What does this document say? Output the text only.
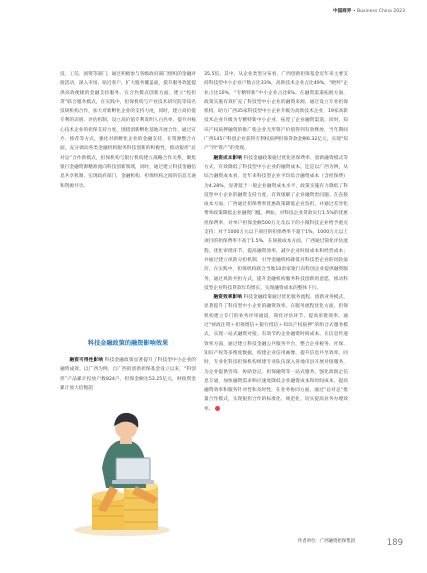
中国商界 • Business China 2023

技、工信、国资等部门，通过积极参与各级政府部门组织的金融对接活动，深入市场，贴近客户，扩大服务覆盖面，提升服务效能提供高效便捷的金融支持服务。在合作模式创新方面，建立“投担贷”联合服务模式，在实践中，担保机构与产业技术研究院等知名技研机构合作，加大对新孵化企业的支持力度，同时，建立高价值专利的识别、评估机制，设立高价值专利发明人白名单，提升对核心技术企业的担保支持力度，围绕创新孵化基地开展合作，通过宣介、推荐等方式，强化对新孵化企业的金融支持，在资源整合方面，充分调动各类金融机构服务科技创新的积极性，推动银担“总对总”合作新模式，担保机构与银行机构建立战略合作关系，聚焦银行金融资源精准流向科技创新领域，同时，通过建立科技金融信息共享机制，实现政府部门、金融机构、担保机构之间的信息互通和资源共享。

科技金融政策的融资影响效果

融资可得性影响 科技金融政策显著提升了科技型中小企业的融资成效。以广西为例，自广西的创新担保基金设立以来，“科创担”产品累计投放户数824户，担保金额达53.25亿元，财政资金累计放大倍数超

35.5倍。其中，从企业类型分布看，广西创新担保基金近年来主要支持科技型中小企业户数占比33%，高新技术企业占比49%，“瞪羚”企业占比10%，“专精特新”中小企业占比6%。在融资渠道拓展方面，政策实施有效扩充了科技型中小企业的融资来源，通过设立专业担保机构，助力广西35家科技型中小企业升级为高新技术企业，19家高新技术企业升级为专精特新中小企业，拓宽了企业融资渠道。同时，知识产权质押融资的推广使企业无形资产价值得到有效释放，当年期间广西145户科创企业获得专利权质押担保贷款金额6.32亿元，实现“知产”到“资产”的变现。

融资成本影响 科技金融政策通过优化担保费率、创新融资模式等方式，有效降低了科技型中小企业的融资成本。还是以广西为例，从综合融资成本看，近年来科技型企业平均综合融资成本（含担保费）为4.28%，显著低于一般企业融资成本水平，政策实施有力降低了科技型中小企业的融资支持力度，有效缓解了企业融资贵问题。在直接成本方面，广西通过担保费率优惠政策降低企业负担，并通过差异化费率政策降低企业融资门槛。例如，对科技企业贷款实行1.5%的优惠担保费率，对单户担保金额500万元及以下的小微科技企业给予重点支持；对于1000万元以下项目的担保费率不超于1%，1000万元以上项目的担保费率不高于1.5%，在间接成本方面，广西通过简化评估流程，优化审批环节，提高融资效率，减少企业时间成本和经营成本；并通过建立风险分担机制，引导金融机构降低对科技型企业的风险溢价。在实践中，担保机构联合当地10余家银行向科创企业提供融资服务，通过风险共担方式，提升金融机构服务科技创新的意愿，推动科技型企业科技贷款年均增长，实现融资成本的整体下行。

融资效率影响 科技金融政策通过优化服务流程、创新业务模式，显著提升了科技型中小企业的融资效率。在服务流程优化方面，担保机构建立专门的业务评审通道，简化评估环节，提高审批效率。通过“财政注资＋担保增信＋银行授信＋知识产权质押”的组合式服务模式，实现一站式融资对接。有效节约企业融资时间成本。在信息传递效率方面，通过建立科技金融公共服务平台，整合企业税务、社保、知识产权等多维度数据，构建企业信用画像，提升信息共享效率。同时，专业化科技担保机构组建专业队伍深入各地市县开展对接服务，为企业提供咨询、协助登记、担保融资等一站式服务。强化政银企信息互通，加快融资需求响应速度降低企业融资成本和时间成本，提高融资效率和服务针对性和及时性，在业务协同方面，通过“总对总”批量合作模式，实现银担合作的标准化、规范化，切实提高业务办理效率。

作者单位：广西融资担保集团	189
